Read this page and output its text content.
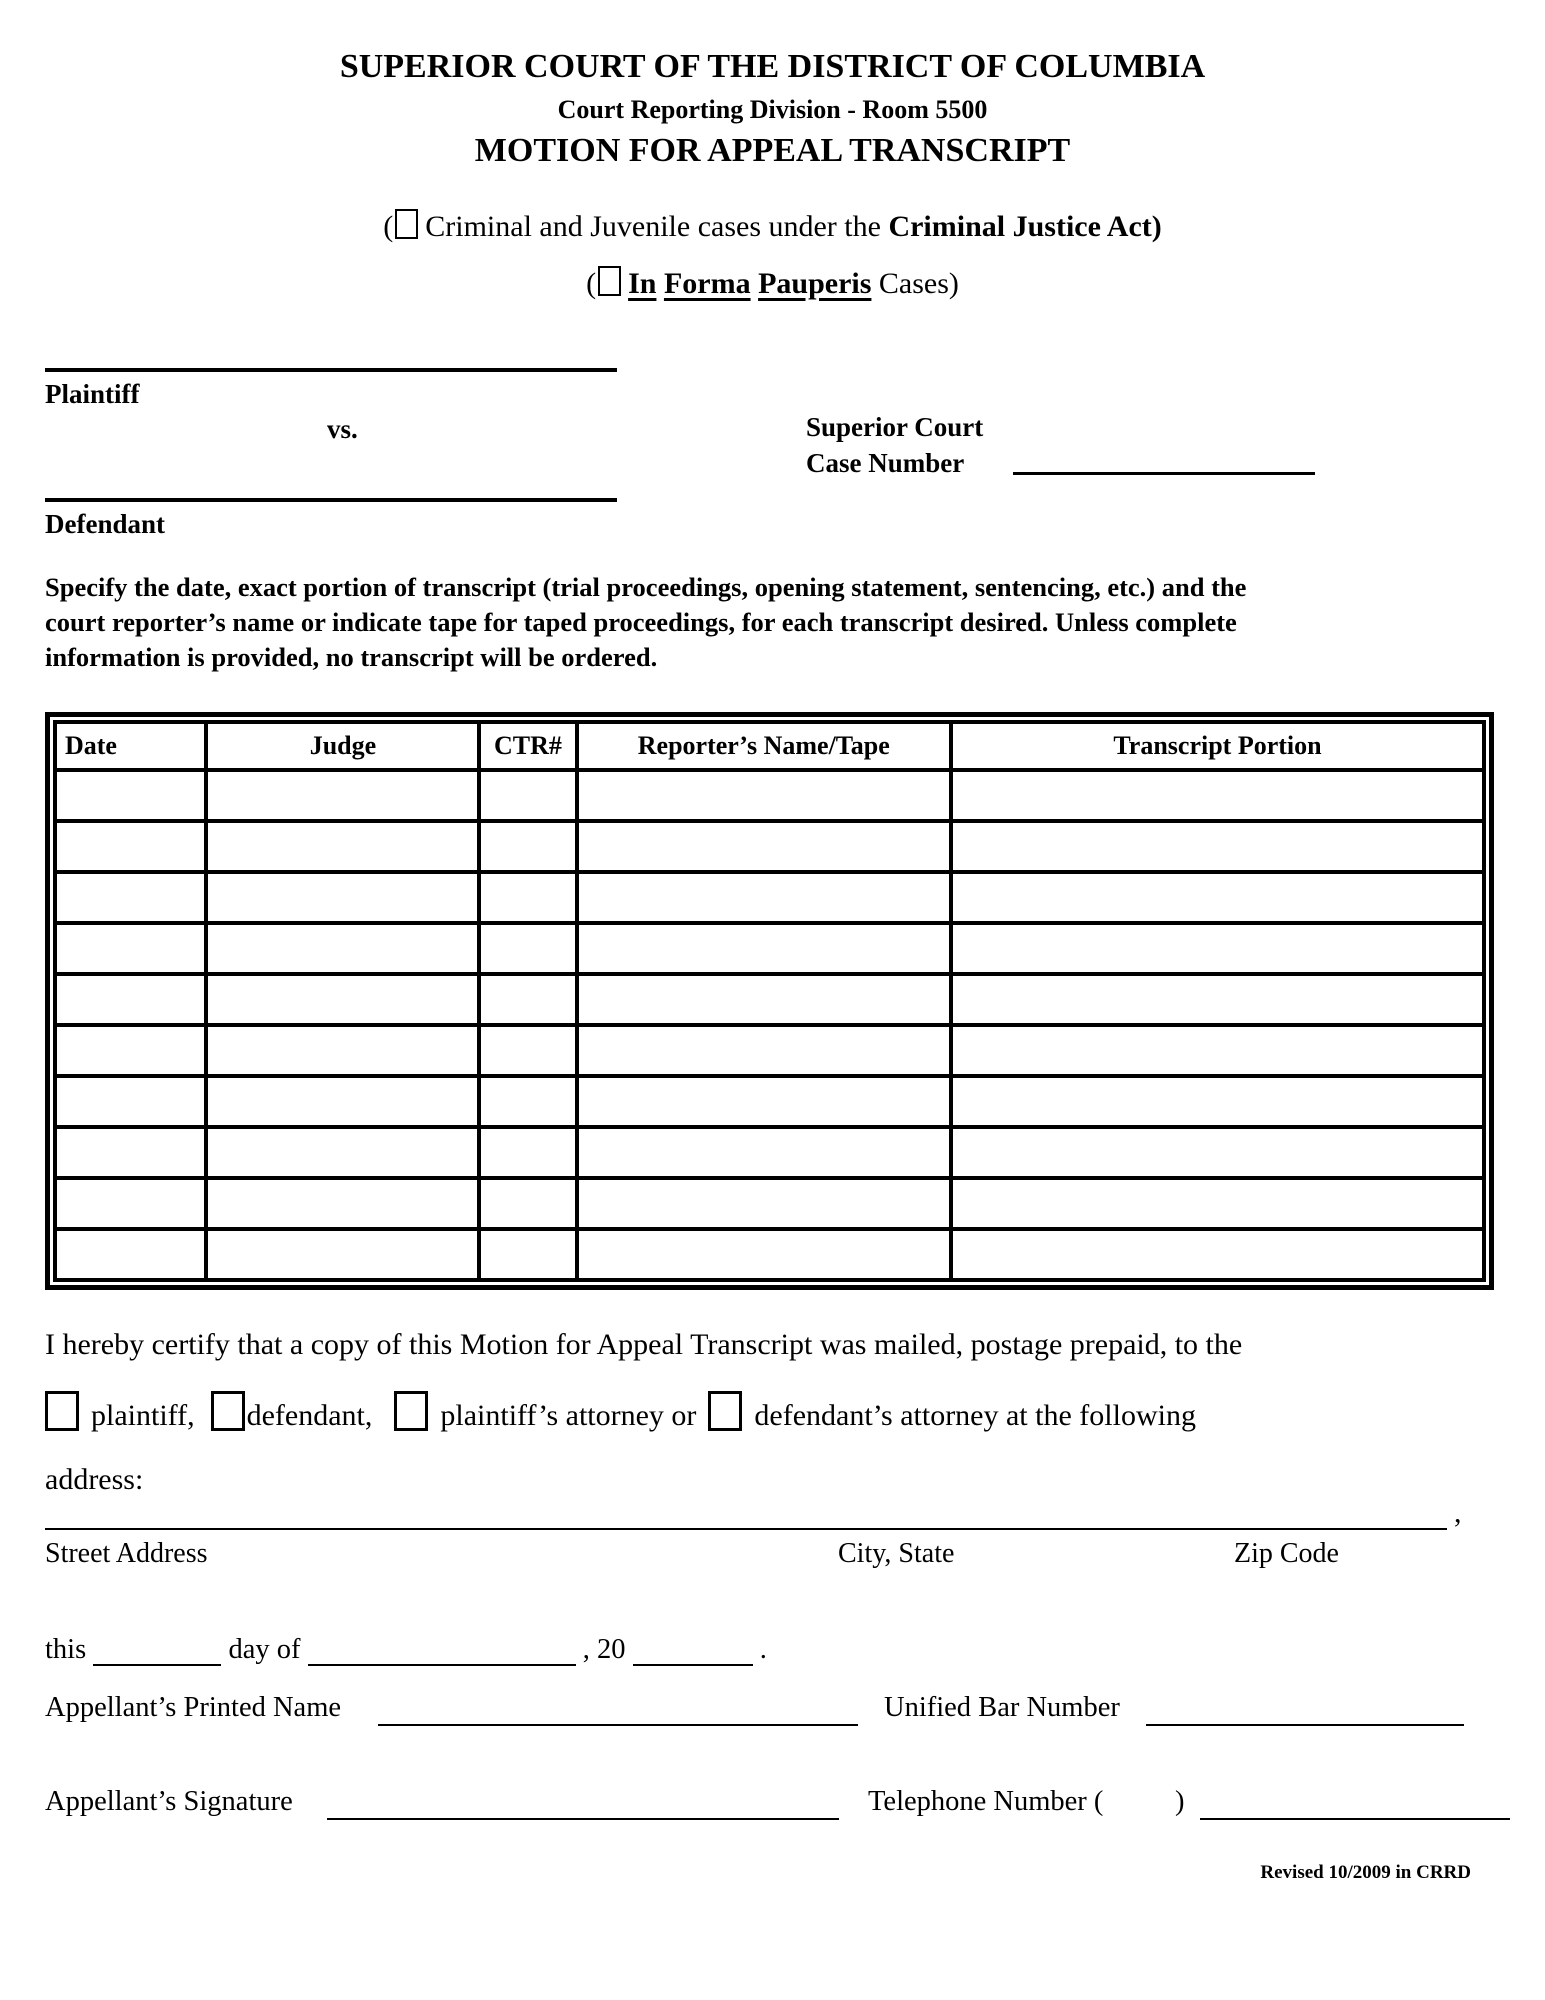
SUPERIOR COURT OF THE DISTRICT OF COLUMBIA
Court Reporting Division - Room 5500
MOTION FOR APPEAL TRANSCRIPT
( Criminal and Juvenile cases under the Criminal Justice Act)
( In Forma Pauperis Cases)
Plaintiff
vs.	Superior Court
Case Number
Defendant
Specify the date, exact portion of transcript (trial proceedings, opening statement, sentencing, etc.) and the
court reporter’s name or indicate tape for taped proceedings, for each transcript desired. Unless complete
information is provided, no transcript will be ordered.
Date	Judge	CTR#	Reporter’s Name/Tape	Transcript Portion

I hereby certify that a copy of this Motion for Appeal Transcript was mailed, postage prepaid, to the
plaintiff, defendant, plaintiff’s attorney or defendant’s attorney at the following
address:
,
Street Address	City, State	Zip Code
this	day of	, 20	.
Appellant’s Printed Name	Unified Bar Number
Appellant’s Signature	Telephone Number (	)
Revised 10/2009 in CRRD
